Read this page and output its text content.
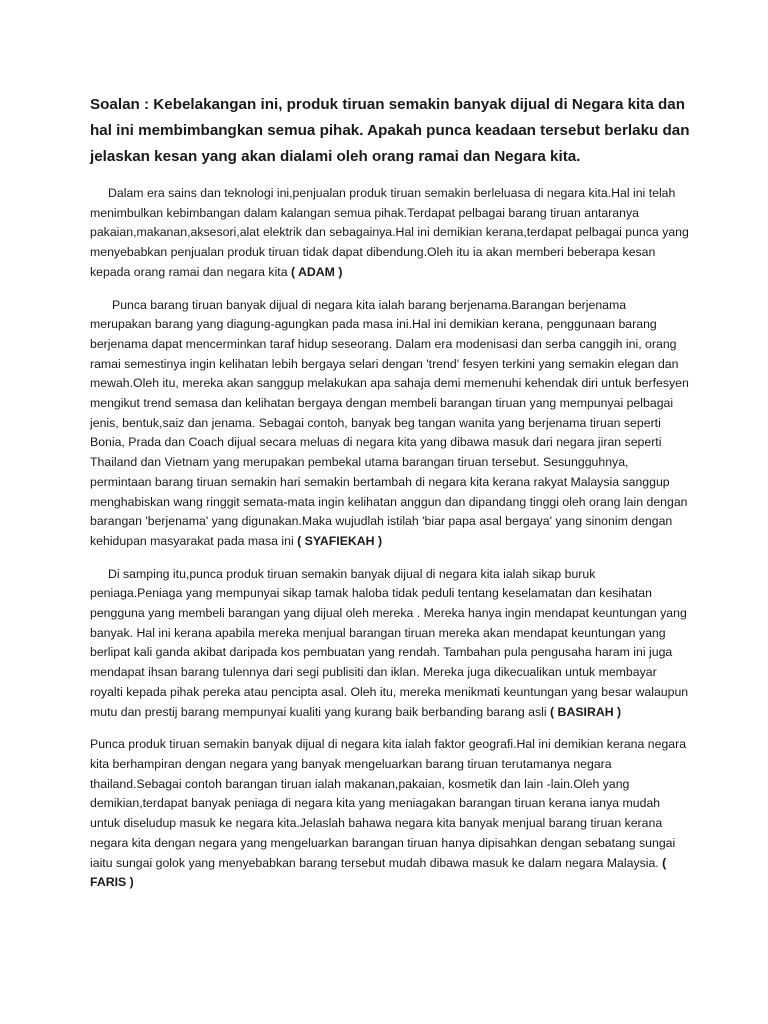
Soalan : Kebelakangan ini, produk tiruan semakin banyak dijual di Negara kita dan hal ini membimbangkan semua pihak. Apakah punca keadaan tersebut berlaku dan jelaskan kesan yang akan dialami oleh orang ramai dan Negara kita.

Dalam era sains dan teknologi ini,penjualan produk tiruan semakin berleluasa di negara kita.Hal ini telah menimbulkan kebimbangan dalam kalangan semua pihak.Terdapat pelbagai barang tiruan antaranya pakaian,makanan,aksesori,alat elektrik dan sebagainya.Hal ini demikian kerana,terdapat pelbagai punca yang menyebabkan penjualan produk tiruan tidak dapat dibendung.Oleh itu ia akan memberi beberapa kesan kepada orang ramai dan negara kita ( ADAM )

Punca barang tiruan banyak dijual di negara kita ialah barang berjenama.Barangan berjenama merupakan barang yang diagung-agungkan pada masa ini.Hal ini demikian kerana, penggunaan barang berjenama dapat mencerminkan taraf hidup seseorang. Dalam era modenisasi dan serba canggih ini, orang ramai semestinya ingin kelihatan lebih bergaya selari dengan 'trend' fesyen terkini yang semakin elegan dan mewah.Oleh itu, mereka akan sanggup melakukan apa sahaja demi memenuhi kehendak diri untuk berfesyen mengikut trend semasa dan kelihatan bergaya dengan membeli barangan tiruan yang mempunyai pelbagai jenis, bentuk,saiz dan jenama. Sebagai contoh, banyak beg tangan wanita yang berjenama tiruan seperti Bonia, Prada dan Coach dijual secara meluas di negara kita yang dibawa masuk dari negara jiran seperti Thailand dan Vietnam yang merupakan pembekal utama barangan tiruan tersebut. Sesungguhnya, permintaan barang tiruan semakin hari semakin bertambah di negara kita kerana rakyat Malaysia sanggup menghabiskan wang ringgit semata-mata ingin kelihatan anggun dan dipandang tinggi oleh orang lain dengan barangan 'berjenama' yang digunakan.Maka wujudlah istilah 'biar papa asal bergaya' yang sinonim dengan kehidupan masyarakat pada masa ini ( SYAFIEKAH )

Di samping itu,punca produk tiruan semakin banyak dijual di negara kita ialah sikap buruk peniaga.Peniaga yang mempunyai sikap tamak haloba tidak peduli tentang keselamatan dan kesihatan pengguna yang membeli barangan yang dijual oleh mereka . Mereka hanya ingin mendapat keuntungan yang banyak. Hal ini kerana apabila mereka menjual barangan tiruan mereka akan mendapat keuntungan yang berlipat kali ganda akibat daripada kos pembuatan yang rendah. Tambahan pula pengusaha haram ini juga mendapat ihsan barang tulennya dari segi publisiti dan iklan. Mereka juga dikecualikan untuk membayar royalti kepada pihak pereka atau pencipta asal. Oleh itu, mereka menikmati keuntungan yang besar walaupun mutu dan prestij barang mempunyai kualiti yang kurang baik berbanding barang asli ( BASIRAH )

Punca produk tiruan semakin banyak dijual di negara kita ialah faktor geografi.Hal ini demikian kerana negara kita berhampiran dengan negara yang banyak mengeluarkan barang tiruan terutamanya negara thailand.Sebagai contoh barangan tiruan ialah makanan,pakaian, kosmetik dan lain -lain.Oleh yang demikian,terdapat banyak peniaga di negara kita yang meniagakan barangan tiruan kerana ianya mudah untuk diseludup masuk ke negara kita.Jelaslah bahawa negara kita banyak menjual barang tiruan kerana negara kita dengan negara yang mengeluarkan barangan tiruan hanya dipisahkan dengan sebatang sungai iaitu sungai golok yang menyebabkan barang tersebut mudah dibawa masuk ke dalam negara Malaysia. ( FARIS )
